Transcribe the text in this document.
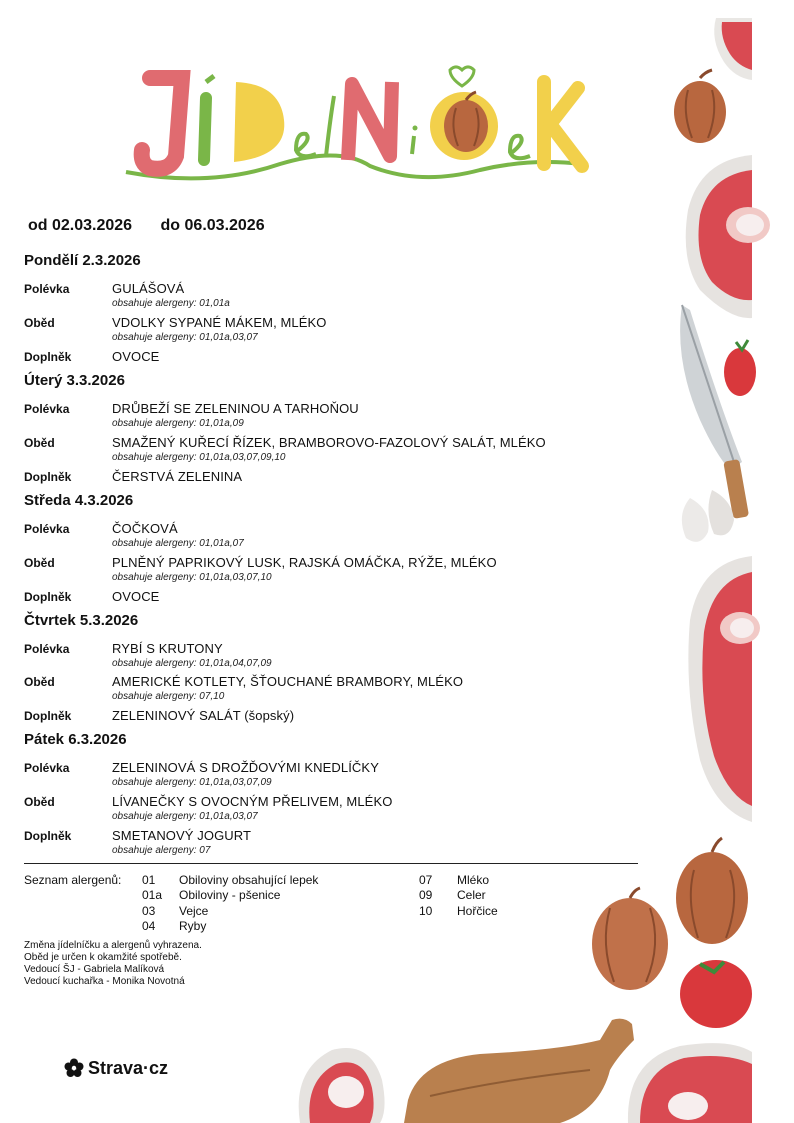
od 02.03.2026 do 06.03.2026
Pondělí 2.3.2026
Polévka	GULÁŠOVÁ
obsahuje alergeny: 01,01a
Oběd	VDOLKY SYPANÉ MÁKEM, MLÉKO
obsahuje alergeny: 01,01a,03,07
Doplněk	OVOCE
Úterý 3.3.2026
Polévka	DRŮBEŽÍ SE ZELENINOU A TARHOŇOU
obsahuje alergeny: 01,01a,09
Oběd	SMAŽENÝ KUŘECÍ ŘÍZEK, BRAMBOROVO-FAZOLOVÝ SALÁT, MLÉKO
obsahuje alergeny: 01,01a,03,07,09,10
Doplněk	ČERSTVÁ ZELENINA
Středa 4.3.2026
Polévka	ČOČKOVÁ
obsahuje alergeny: 01,01a,07
Oběd	PLNĚNÝ PAPRIKOVÝ LUSK, RAJSKÁ OMÁČKA, RÝŽE, MLÉKO
obsahuje alergeny: 01,01a,03,07,10
Doplněk	OVOCE
Čtvrtek 5.3.2026
Polévka	RYBÍ S KRUTONY
obsahuje alergeny: 01,01a,04,07,09
Oběd	AMERICKÉ KOTLETY, ŠŤOUCHANÉ BRAMBORY, MLÉKO
obsahuje alergeny: 07,10
Doplněk	ZELENINOVÝ SALÁT (šopský)
Pátek 6.3.2026
Polévka	ZELENINOVÁ S DROŽĎOVÝMI KNEDLÍČKY
obsahuje alergeny: 01,01a,03,07,09
Oběd	LÍVANEČKY S OVOCNÝM PŘELIVEM, MLÉKO
obsahuje alergeny: 01,01a,03,07
Doplněk	SMETANOVÝ JOGURT
obsahuje alergeny: 07
Seznam alergenů: 01 Obiloviny obsahující lepek
01a Obiloviny - pšenice
03 Vejce
04 Ryby
07 Mléko
09 Celer
10 Hořčice
Změna jídelníčku a alergenů vyhrazena.
Oběd je určen k okamžité spotřebě.
Vedoucí ŠJ - Gabriela Malíková
Vedoucí kuchařka - Monika Novotná
Strava·cz
